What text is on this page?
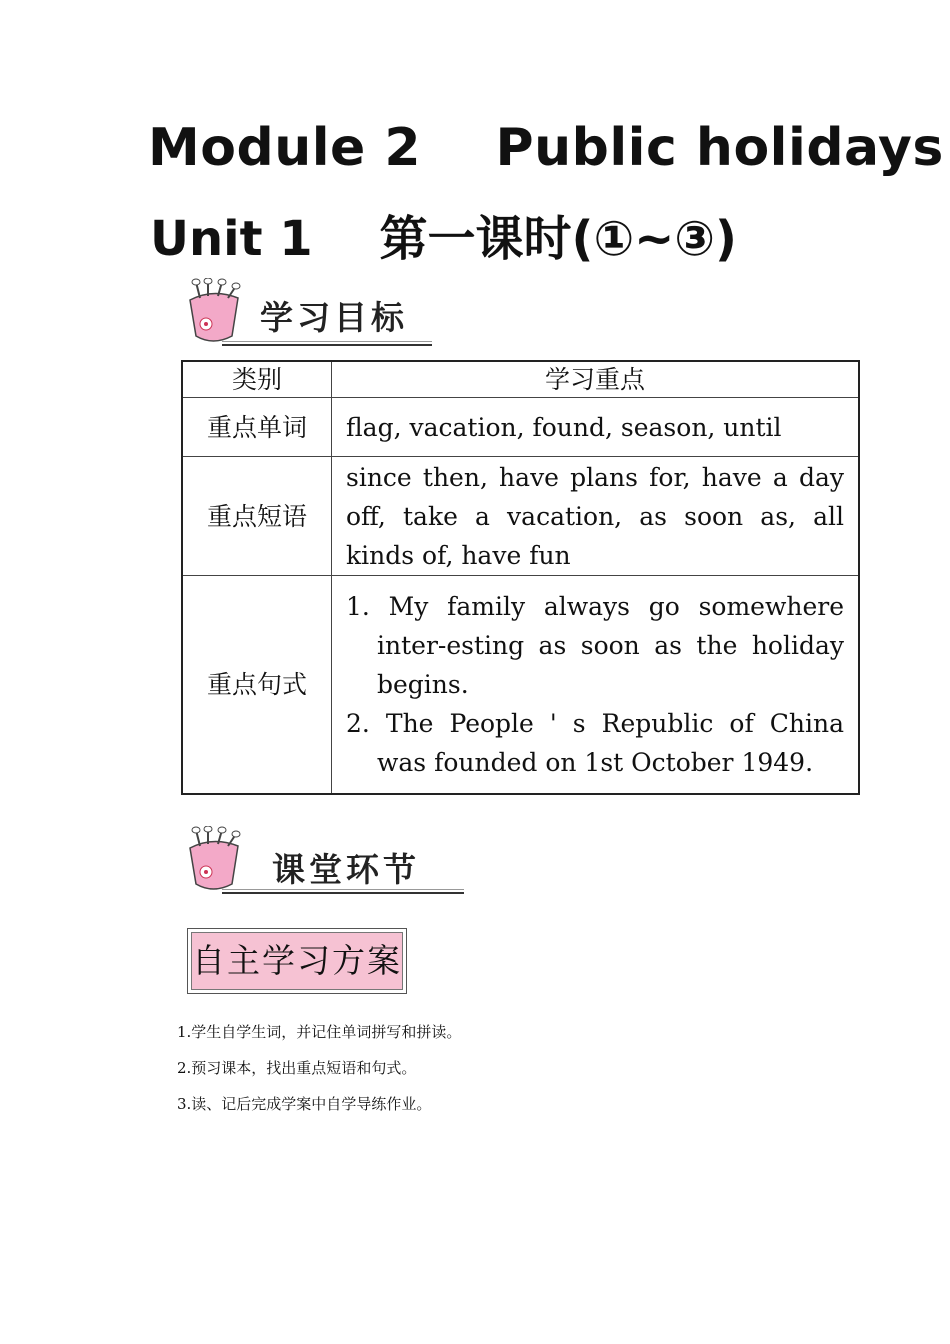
Module 2    Public holidays
Unit 1    第一课时(①~③)
学习目标
类别	学习重点
重点单词	flag, vacation, found, season, until
重点短语	since then, have plans for, have a day off, take a vacation, as soon as, all kinds of, have fun
重点句式	1. My family always go somewhere inter-esting as soon as the holiday begins.
2. The People ' s Republic of China was founded on 1st October 1949.
课堂环节
自主学习方案
1.学生自学生词，并记住单词拼写和拼读。
2.预习课本，找出重点短语和句式。
3.读、记后完成学案中自学导练作业。
